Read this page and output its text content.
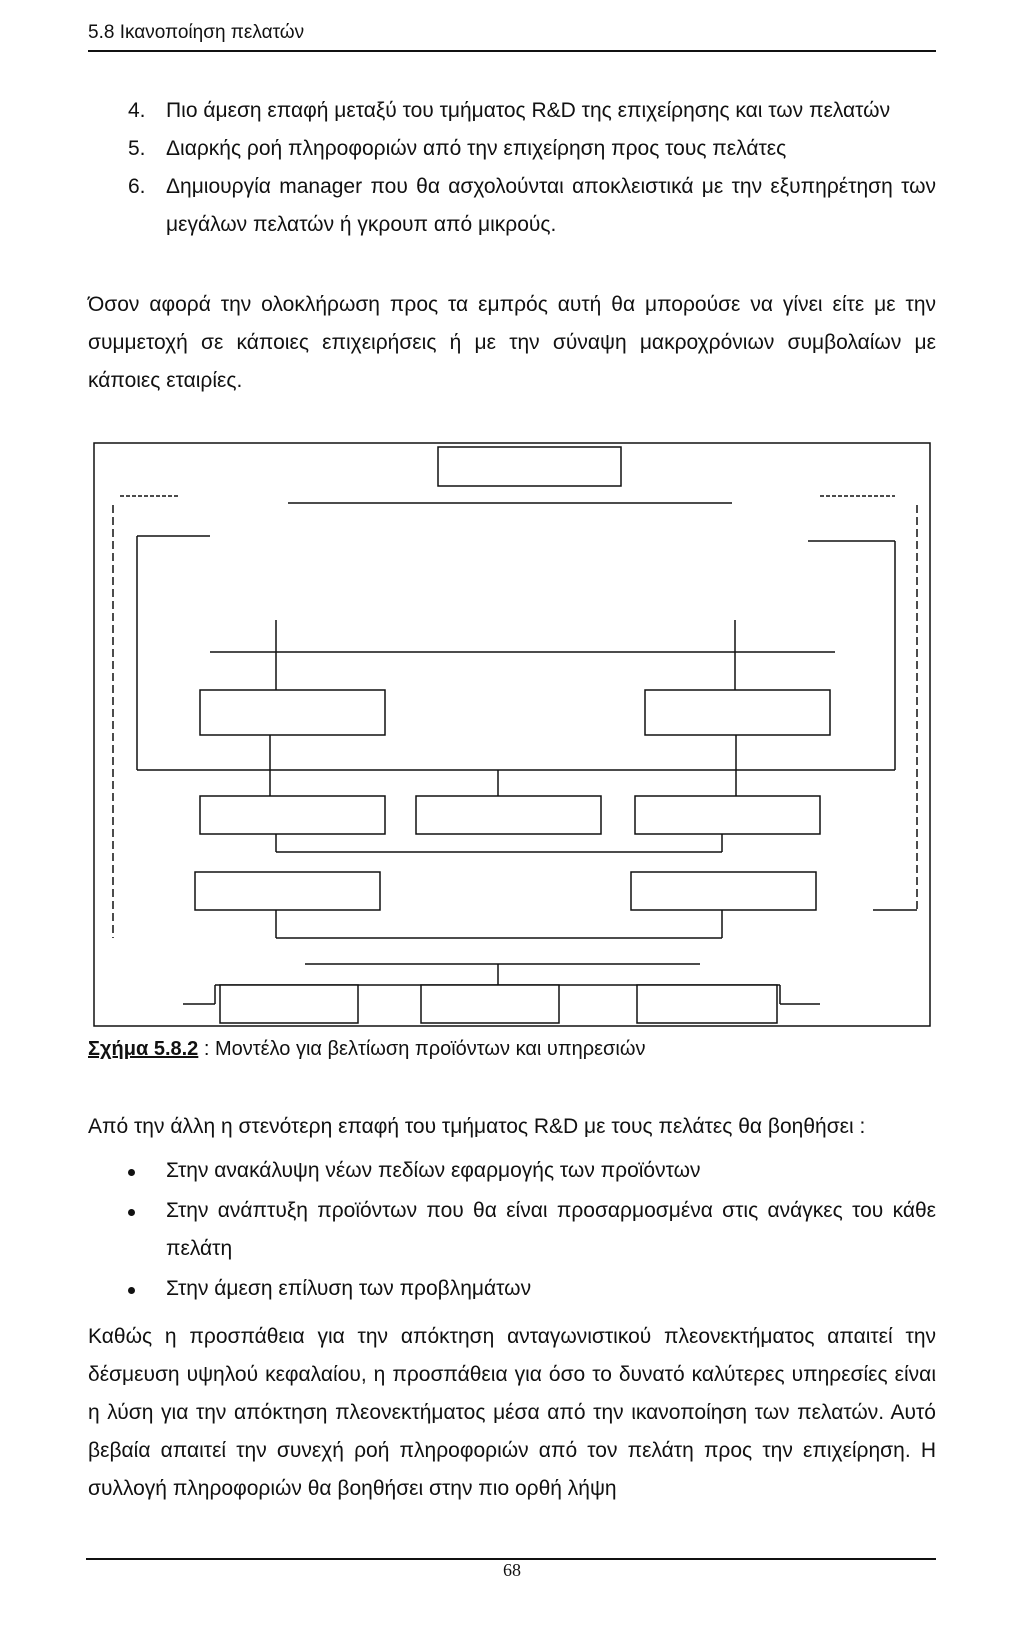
5.8 Ικανοποίηση πελατών
4. Πιο άμεση επαφή μεταξύ του τμήματος R&D της επιχείρησης και των πελατών
5. Διαρκής ροή πληροφοριών από την επιχείρηση προς τους πελάτες
6. Δημιουργία manager που θα ασχολούνται αποκλειστικά με την εξυπηρέτηση των μεγάλων πελατών ή γκρουπ από μικρούς.

Όσον αφορά την ολοκλήρωση προς τα εμπρός αυτή θα μπορούσε να γίνει είτε με την συμμετοχή σε κάποιες επιχειρήσεις ή με την σύναψη μακροχρόνιων συμβολαίων με κάποιες εταιρίες.

Σχήμα 5.8.2 : Μοντέλο για βελτίωση προϊόντων και υπηρεσιών

Από την άλλη η στενότερη επαφή του τμήματος R&D με τους πελάτες θα βοηθήσει :

Στην ανακάλυψη νέων πεδίων εφαρμογής των προϊόντων
Στην ανάπτυξη προϊόντων που θα είναι προσαρμοσμένα στις ανάγκες του κάθε πελάτη
Στην άμεση επίλυση των προβλημάτων

Καθώς η προσπάθεια για την απόκτηση ανταγωνιστικού πλεονεκτήματος απαιτεί την δέσμευση υψηλού κεφαλαίου, η προσπάθεια για όσο το δυνατό καλύτερες υπηρεσίες είναι η λύση για την απόκτηση πλεονεκτήματος μέσα από την ικανοποίηση των πελατών. Αυτό βεβαία απαιτεί την συνεχή ροή πληροφοριών από τον πελάτη προς την επιχείρηση. Η συλλογή πληροφοριών θα βοηθήσει στην πιο ορθή λήψη

68
